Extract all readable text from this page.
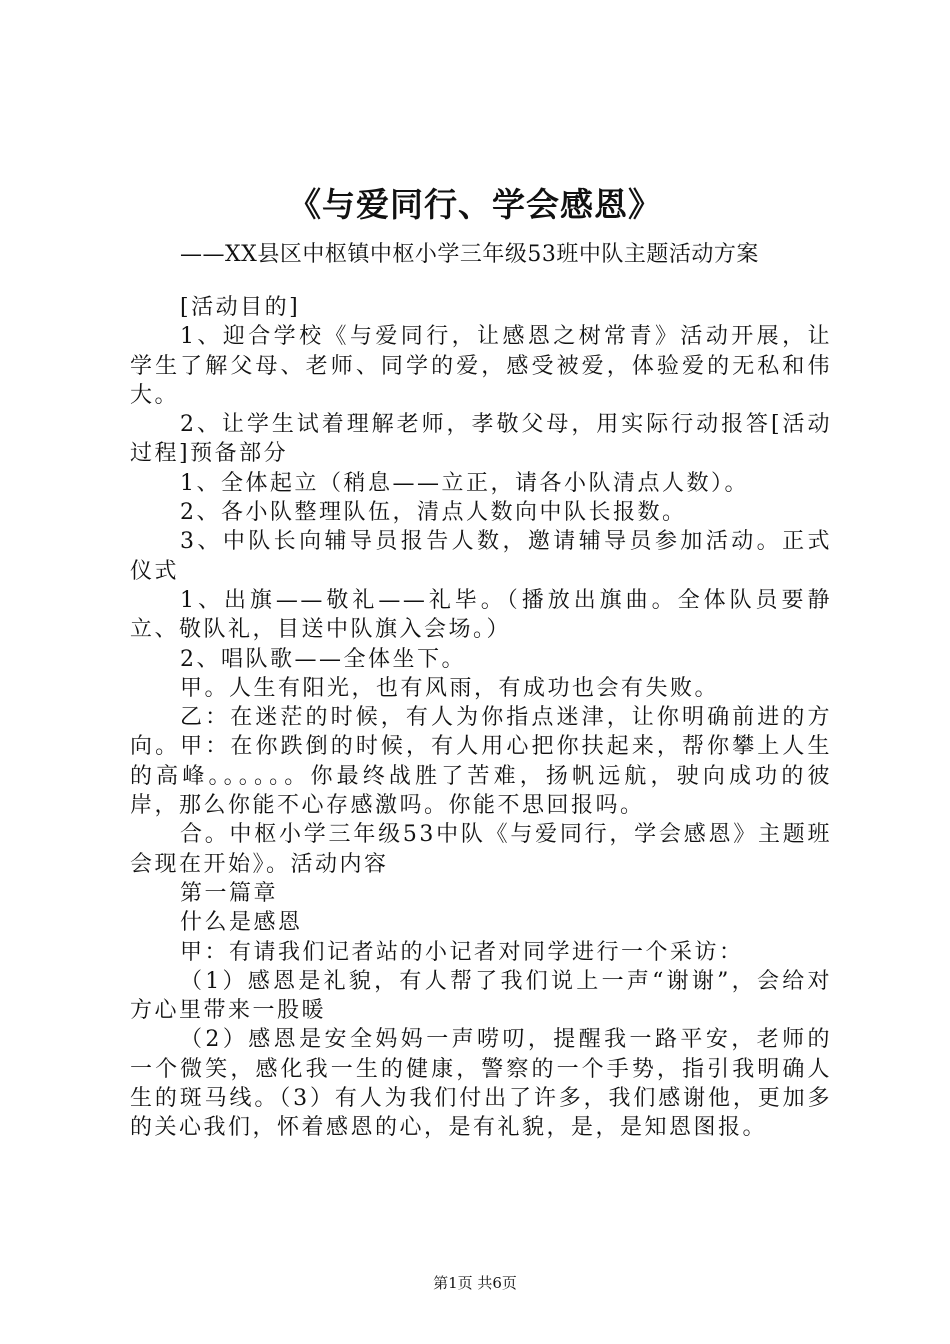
《与爱同行、学会感恩》
——XX县区中枢镇中枢小学三年级53班中队主题活动方案

[活动目的]

1、迎合学校《与爱同行，让感恩之树常青》活动开展，让学生了解父母、老师、同学的爱，感受被爱，体验爱的无私和伟大。

2、让学生试着理解老师，孝敬父母，用实际行动报答[活动过程]预备部分

1、全体起立（稍息——立正，请各小队清点人数）。

2、各小队整理队伍，清点人数向中队长报数。

3、中队长向辅导员报告人数，邀请辅导员参加活动。正式仪式

1、出旗——敬礼——礼毕。（播放出旗曲。全体队员要静立、敬队礼，目送中队旗入会场。）

2、唱队歌——全体坐下。

甲。人生有阳光，也有风雨，有成功也会有失败。

乙：在迷茫的时候，有人为你指点迷津，让你明确前进的方向。甲：在你跌倒的时候，有人用心把你扶起来，帮你攀上人生的高峰。。。。。。你最终战胜了苦难，扬帆远航，驶向成功的彼岸，那么你能不心存感激吗。你能不思回报吗。

合。中枢小学三年级53中队《与爱同行，学会感恩》主题班会现在开始》。活动内容

第一篇章

什么是感恩

甲：有请我们记者站的小记者对同学进行一个采访：

（1）感恩是礼貌，有人帮了我们说上一声“谢谢”，会给对方心里带来一股暖

（2）感恩是安全妈妈一声唠叨，提醒我一路平安，老师的一个微笑，感化我一生的健康，警察的一个手势，指引我明确人生的斑马线。（3）有人为我们付出了许多，我们感谢他，更加多的关心我们，怀着感恩的心，是有礼貌，是，是知恩图报。

第1页 共6页
